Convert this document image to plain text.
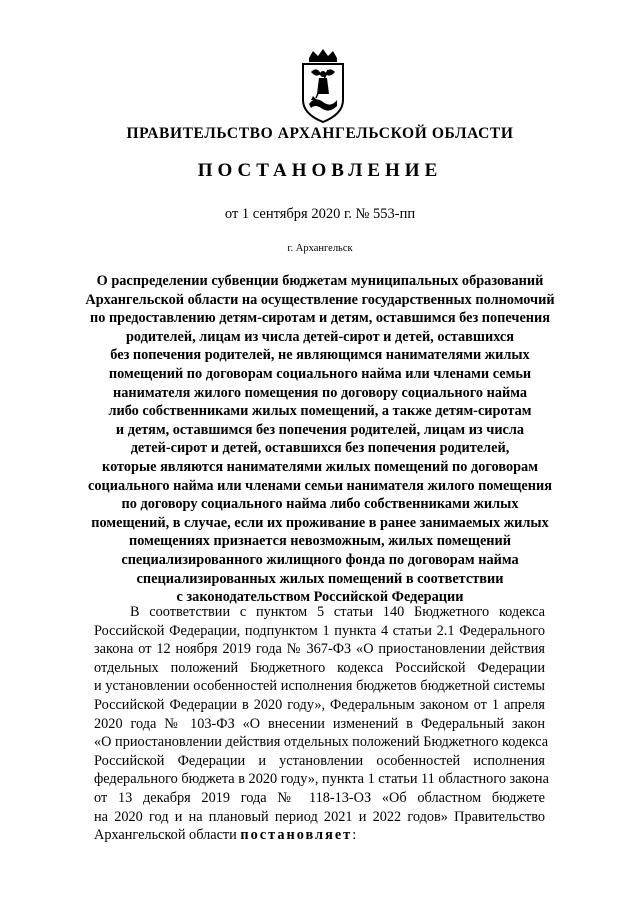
ПРАВИТЕЛЬСТВО АРХАНГЕЛЬСКОЙ ОБЛАСТИ
ПОСТАНОВЛЕНИЕ
от 1 сентября 2020 г. № 553-пп
г. Архангельск
О распределении субвенции бюджетам муниципальных образований
Архангельской области на осуществление государственных полномочий
по предоставлению детям-сиротам и детям, оставшимся без попечения
родителей, лицам из числа детей-сирот и детей, оставшихся
без попечения родителей, не являющимся нанимателями жилых
помещений по договорам социального найма или членами семьи
нанимателя жилого помещения по договору социального найма
либо собственниками жилых помещений, а также детям-сиротам
и детям, оставшимся без попечения родителей, лицам из числа
детей-сирот и детей, оставшихся без попечения родителей,
которые являются нанимателями жилых помещений по договорам
социального найма или членами семьи нанимателя жилого помещения
по договору социального найма либо собственниками жилых
помещений, в случае, если их проживание в ранее занимаемых жилых
помещениях признается невозможным, жилых помещений
специализированного жилищного фонда по договорам найма
специализированных жилых помещений в соответствии
с законодательством Российской Федерации
В соответствии с пунктом 5 статьи 140 Бюджетного кодекса
Российской Федерации, подпунктом 1 пункта 4 статьи 2.1 Федерального
закона от 12 ноября 2019 года № 367-ФЗ «О приостановлении действия
отдельных положений Бюджетного кодекса Российской Федерации
и установлении особенностей исполнения бюджетов бюджетной системы
Российской Федерации в 2020 году», Федеральным законом от 1 апреля
2020 года № 103-ФЗ «О внесении изменений в Федеральный закон
«О приостановлении действия отдельных положений Бюджетного кодекса
Российской Федерации и установлении особенностей исполнения
федерального бюджета в 2020 году», пункта 1 статьи 11 областного закона
от 13 декабря 2019 года № 118-13-ОЗ «Об областном бюджете
на 2020 год и на плановый период 2021 и 2022 годов» Правительство
Архангельской области постановляет:
